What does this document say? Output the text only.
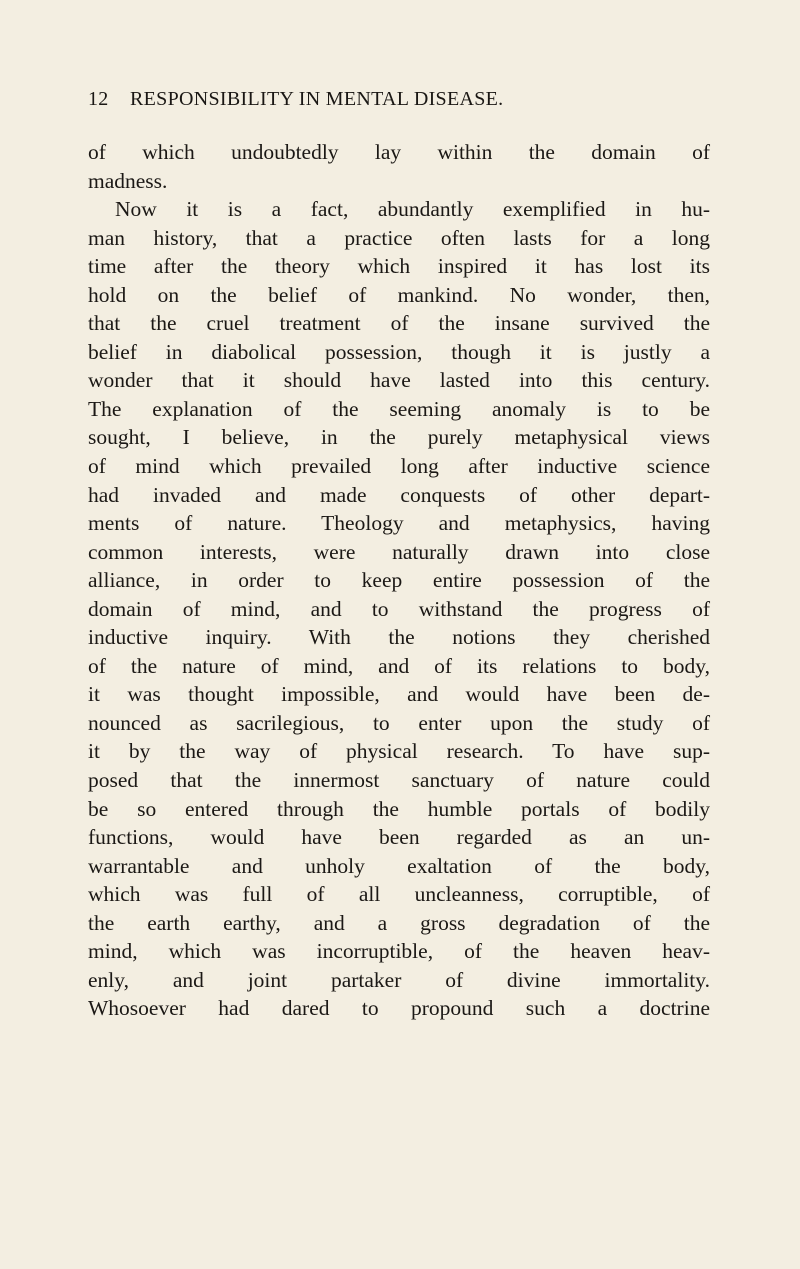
12 RESPONSIBILITY IN MENTAL DISEASE.
of which undoubtedly lay within the domain of
madness.
Now it is a fact, abundantly exemplified in hu-
man history, that a practice often lasts for a long
time after the theory which inspired it has lost its
hold on the belief of mankind. No wonder, then,
that the cruel treatment of the insane survived the
belief in diabolical possession, though it is justly a
wonder that it should have lasted into this century.
The explanation of the seeming anomaly is to be
sought, I believe, in the purely metaphysical views
of mind which prevailed long after inductive science
had invaded and made conquests of other depart-
ments of nature. Theology and metaphysics, having
common interests, were naturally drawn into close
alliance, in order to keep entire possession of the
domain of mind, and to withstand the progress of
inductive inquiry. With the notions they cherished
of the nature of mind, and of its relations to body,
it was thought impossible, and would have been de-
nounced as sacrilegious, to enter upon the study of
it by the way of physical research. To have sup-
posed that the innermost sanctuary of nature could
be so entered through the humble portals of bodily
functions, would have been regarded as an un-
warrantable and unholy exaltation of the body,
which was full of all uncleanness, corruptible, of
the earth earthy, and a gross degradation of the
mind, which was incorruptible, of the heaven heav-
enly, and joint partaker of divine immortality.
Whosoever had dared to propound such a doctrine
